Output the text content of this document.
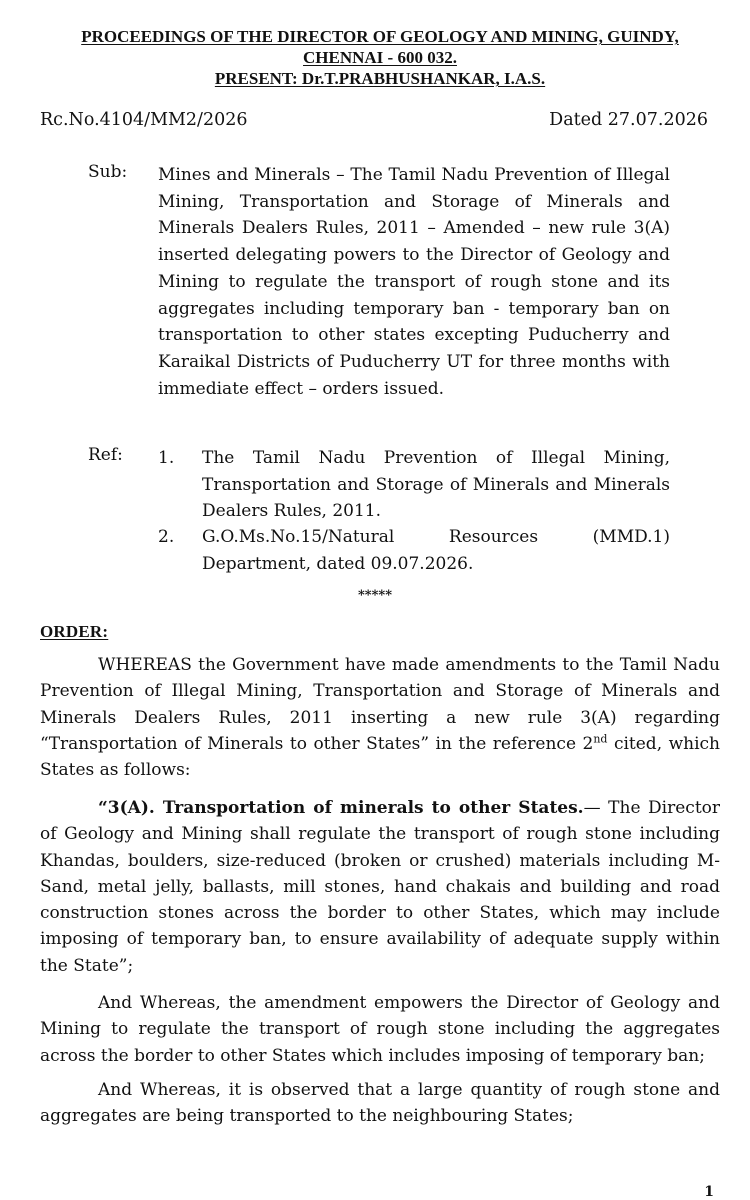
PROCEEDINGS OF THE DIRECTOR OF GEOLOGY AND MINING, GUINDY,
CHENNAI - 600 032.
PRESENT: Dr.T.PRABHUSHANKAR, I.A.S.
Rc.No.4104/MM2/2026	Dated 27.07.2026
Sub: Mines and Minerals – The Tamil Nadu Prevention of Illegal Mining, Transportation and Storage of Minerals and Minerals Dealers Rules, 2011 – Amended – new rule 3(A) inserted delegating powers to the Director of Geology and Mining to regulate the transport of rough stone and its aggregates including temporary ban - temporary ban on transportation to other states excepting Puducherry and Karaikal Districts of Puducherry UT for three months with immediate effect – orders issued.
Ref: 1. The Tamil Nadu Prevention of Illegal Mining, Transportation and Storage of Minerals and Minerals Dealers Rules, 2011.
2. G.O.Ms.No.15/Natural Resources (MMD.1) Department, dated 09.07.2026.
*****
ORDER:
WHEREAS the Government have made amendments to the Tamil Nadu Prevention of Illegal Mining, Transportation and Storage of Minerals and Minerals Dealers Rules, 2011 inserting a new rule 3(A) regarding “Transportation of Minerals to other States” in the reference 2nd cited, which States as follows:
“3(A). Transportation of minerals to other States.— The Director of Geology and Mining shall regulate the transport of rough stone including Khandas, boulders, size-reduced (broken or crushed) materials including M-Sand, metal jelly, ballasts, mill stones, hand chakais and building and road construction stones across the border to other States, which may include imposing of temporary ban, to ensure availability of adequate supply within the State”;
And Whereas, the amendment empowers the Director of Geology and Mining to regulate the transport of rough stone including the aggregates across the border to other States which includes imposing of temporary ban;
And Whereas, it is observed that a large quantity of rough stone and aggregates are being transported to the neighbouring States;
1
